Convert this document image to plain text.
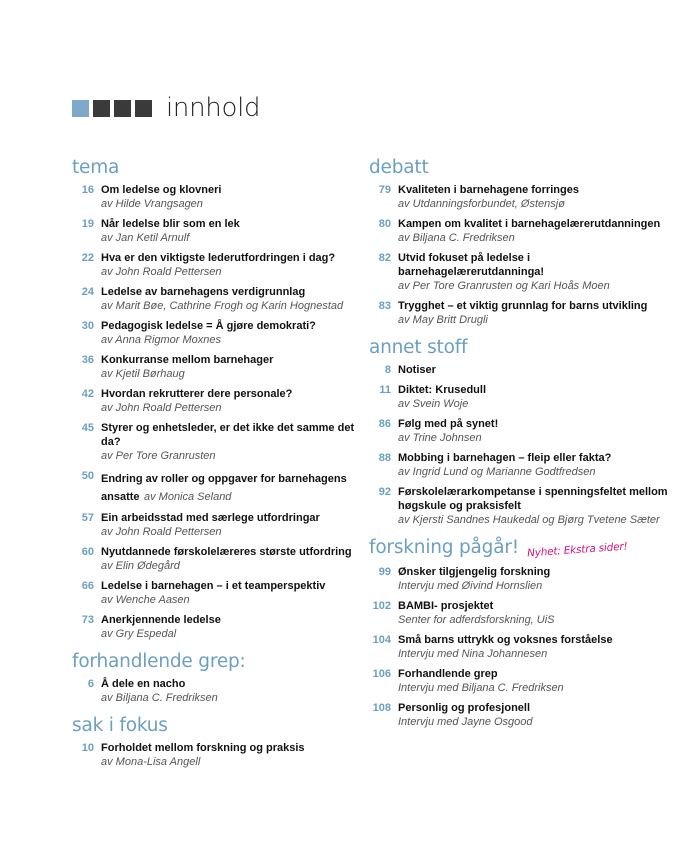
innhold
tema
16 Om ledelse og klovneri
av Hilde Vrangsagen
19 Når ledelse blir som en lek
av Jan Ketil Arnulf
22 Hva er den viktigste lederutfordringen i dag?
av John Roald Pettersen
24 Ledelse av barnehagens verdigrunnlag
av Marit Bøe, Cathrine Frogh og Karin Hognestad
30 Pedagogisk ledelse = Å gjøre demokrati?
av Anna Rigmor Moxnes
36 Konkurranse mellom barnehager
av Kjetil Børhaug
42 Hvordan rekrutterer dere personale?
av John Roald Pettersen
45 Styrer og enhetsleder, er det ikke det samme det da?
av Per Tore Granrusten
50 Endring av roller og oppgaver for barnehagens ansatte av Monica Seland
57 Ein arbeidsstad med særlege utfordringar
av John Roald Pettersen
60 Nyutdannede førskolelæreres største utfordring
av Elin Ødegård
66 Ledelse i barnehagen – i et teamperspektiv
av Wenche Aasen
73 Anerkjennende ledelse
av Gry Espedal
forhandlende grep:
6 Å dele en nacho
av Biljana C. Fredriksen
sak i fokus
10 Forholdet mellom forskning og praksis
av Mona-Lisa Angell
debatt
79 Kvaliteten i barnehagene forringes
av Utdanningsforbundet, Østensjø
80 Kampen om kvalitet i barnehagelærerutdanningen
av Biljana C. Fredriksen
82 Utvid fokuset på ledelse i barnehagelærerutdanninga!
av Per Tore Granrusten og Kari Hoås Moen
83 Trygghet – et viktig grunnlag for barns utvikling
av May Britt Drugli
annet stoff
8 Notiser
11 Diktet: Krusedull
av Svein Woje
86 Følg med på synet!
av Trine Johnsen
88 Mobbing i barnehagen – fleip eller fakta?
av Ingrid Lund og Marianne Godtfredsen
92 Førskolelærarkompetanse i spenningsfeltet mellom høgskule og praksisfelt
av Kjersti Sandnes Haukedal og Bjørg Tvetene Sæter
forskning pågår! Nyhet: Ekstra sider!
99 Ønsker tilgjengelig forskning
Intervju med Øivind Hornslien
102 BAMBI- prosjektet
Senter for adferdsforskning, UiS
104 Små barns uttrykk og voksnes forståelse
Intervju med Nina Johannesen
106 Forhandlende grep
Intervju med Biljana C. Fredriksen
108 Personlig og profesjonell
Intervju med Jayne Osgood
